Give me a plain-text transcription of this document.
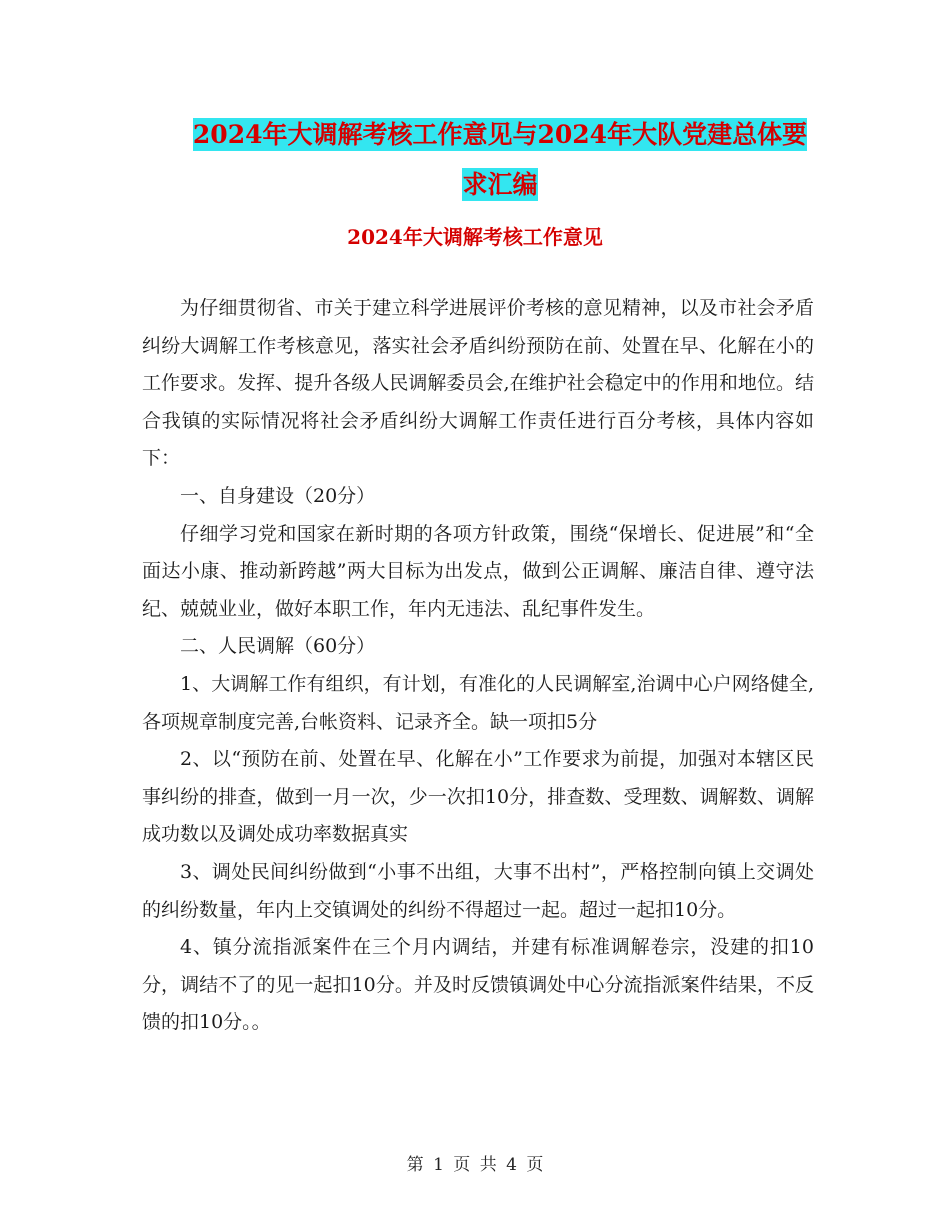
2024年大调解考核工作意见与2024年大队党建总体要
求汇编
2024年大调解考核工作意见

为仔细贯彻省、市关于建立科学进展评价考核的意见精神，以及市社会矛盾纠纷大调解工作考核意见，落实社会矛盾纠纷预防在前、处置在早、化解在小的工作要求。发挥、提升各级人民调解委员会,在维护社会稳定中的作用和地位。结合我镇的实际情况将社会矛盾纠纷大调解工作责任进行百分考核，具体内容如下：

一、自身建设（20分）

仔细学习党和国家在新时期的各项方针政策，围绕“保增长、促进展”和“全面达小康、推动新跨越”两大目标为出发点，做到公正调解、廉洁自律、遵守法纪、兢兢业业，做好本职工作，年内无违法、乱纪事件发生。

二、人民调解（60分）

1、大调解工作有组织，有计划，有准化的人民调解室,治调中心户网络健全,各项规章制度完善,台帐资料、记录齐全。缺一项扣5分

2、以“预防在前、处置在早、化解在小”工作要求为前提，加强对本辖区民事纠纷的排查，做到一月一次，少一次扣10分，排查数、受理数、调解数、调解成功数以及调处成功率数据真实

3、调处民间纠纷做到“小事不出组，大事不出村”，严格控制向镇上交调处的纠纷数量，年内上交镇调处的纠纷不得超过一起。超过一起扣10分。

4、镇分流指派案件在三个月内调结，并建有标准调解卷宗，没建的扣10分，调结不了的见一起扣10分。并及时反馈镇调处中心分流指派案件结果，不反馈的扣10分。。

第 1 页 共 4 页
